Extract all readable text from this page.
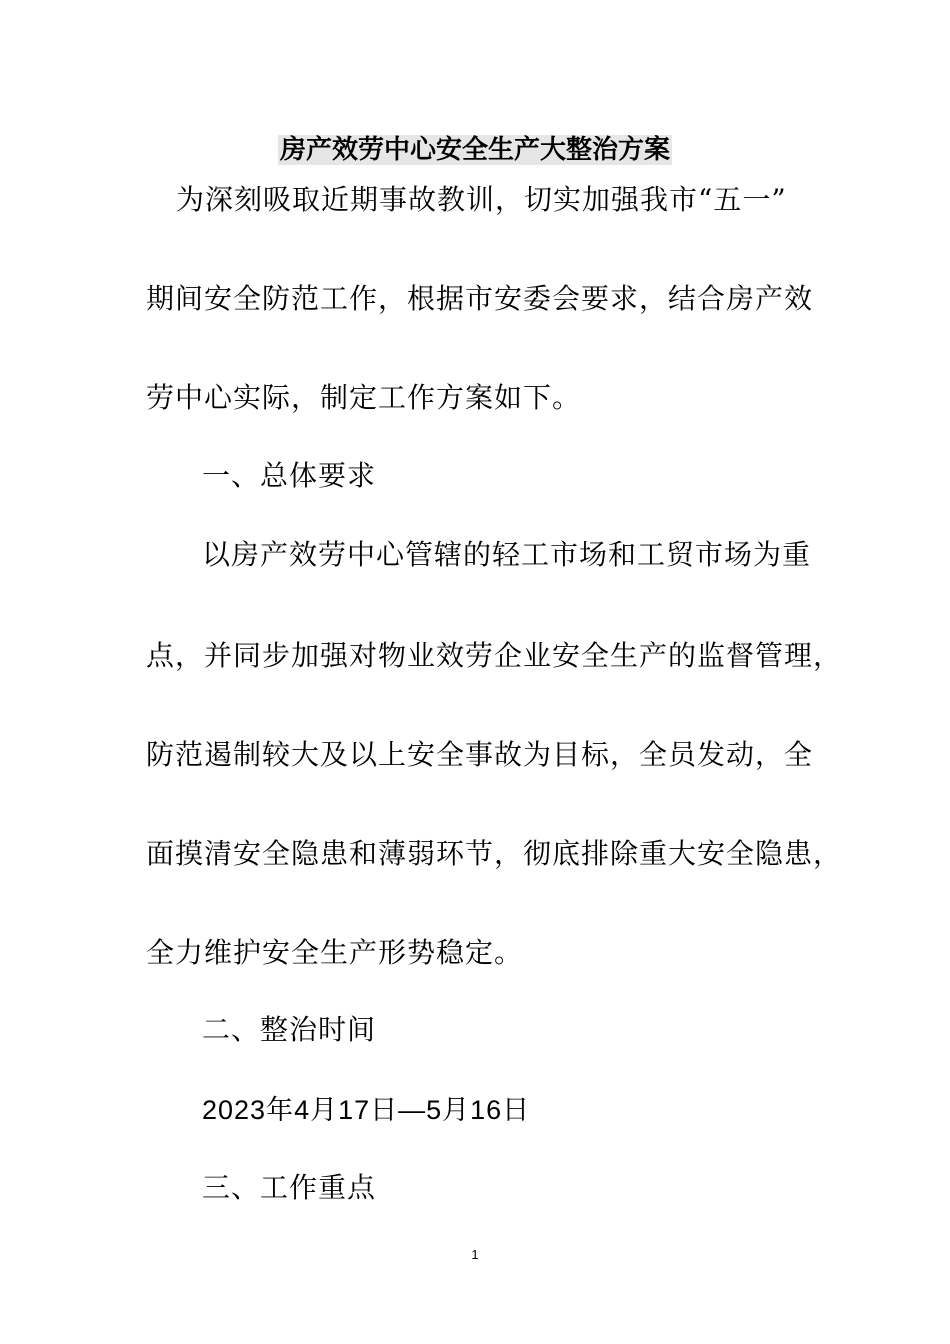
房产效劳中心安全生产大整治方案
为深刻吸取近期事故教训，切实加强我市“五一”
期间安全防范工作，根据市安委会要求，结合房产效
劳中心实际，制定工作方案如下。
一、总体要求
以房产效劳中心管辖的轻工市场和工贸市场为重
点，并同步加强对物业效劳企业安全生产的监督管理，
防范遏制较大及以上安全事故为目标，全员发动，全
面摸清安全隐患和薄弱环节，彻底排除重大安全隐患，
全力维护安全生产形势稳定。
二、整治时间
2023年4月17日—5月16日
三、工作重点
1
